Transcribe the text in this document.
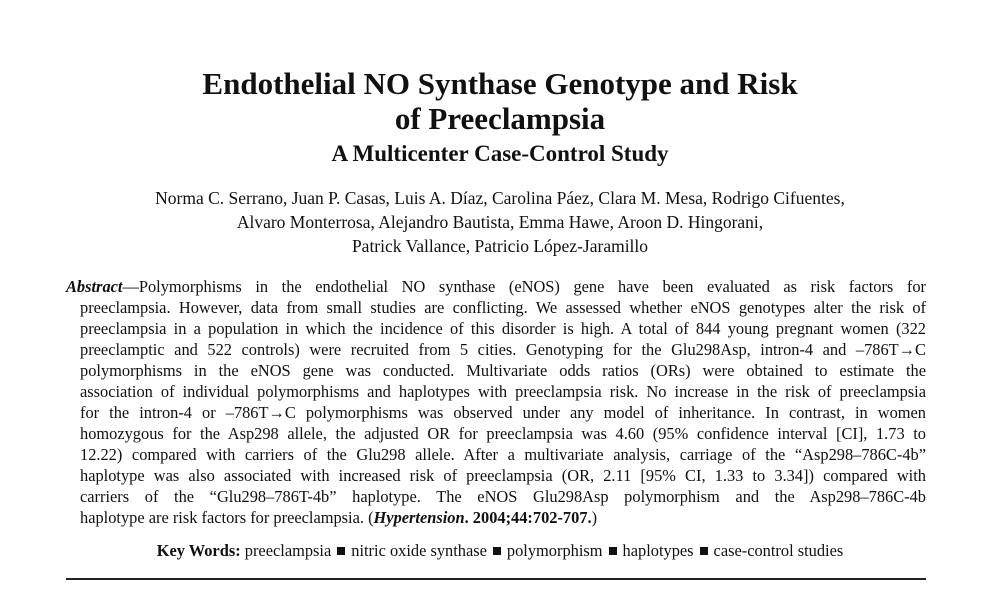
Endothelial NO Synthase Genotype and Risk
of Preeclampsia
A Multicenter Case-Control Study
Norma C. Serrano, Juan P. Casas, Luis A. Díaz, Carolina Páez, Clara M. Mesa, Rodrigo Cifuentes,
Alvaro Monterrosa, Alejandro Bautista, Emma Hawe, Aroon D. Hingorani,
Patrick Vallance, Patricio López-Jaramillo
Abstract—Polymorphisms in the endothelial NO synthase (eNOS) gene have been evaluated as risk factors for
preeclampsia. However, data from small studies are conflicting. We assessed whether eNOS genotypes alter the risk of
preeclampsia in a population in which the incidence of this disorder is high. A total of 844 young pregnant women (322
preeclamptic and 522 controls) were recruited from 5 cities. Genotyping for the Glu298Asp, intron-4 and –786T→C
polymorphisms in the eNOS gene was conducted. Multivariate odds ratios (ORs) were obtained to estimate the
association of individual polymorphisms and haplotypes with preeclampsia risk. No increase in the risk of preeclampsia
for the intron-4 or –786T→C polymorphisms was observed under any model of inheritance. In contrast, in women
homozygous for the Asp298 allele, the adjusted OR for preeclampsia was 4.60 (95% confidence interval [CI], 1.73 to
12.22) compared with carriers of the Glu298 allele. After a multivariate analysis, carriage of the “Asp298–786C-4b”
haplotype was also associated with increased risk of preeclampsia (OR, 2.11 [95% CI, 1.33 to 3.34]) compared with
carriers of the “Glu298–786T-4b” haplotype. The eNOS Glu298Asp polymorphism and the Asp298–786C-4b
haplotype are risk factors for preeclampsia. (Hypertension. 2004;44:702-707.)
Key Words: preeclampsia nitric oxide synthase polymorphism haplotypes case-control studies
